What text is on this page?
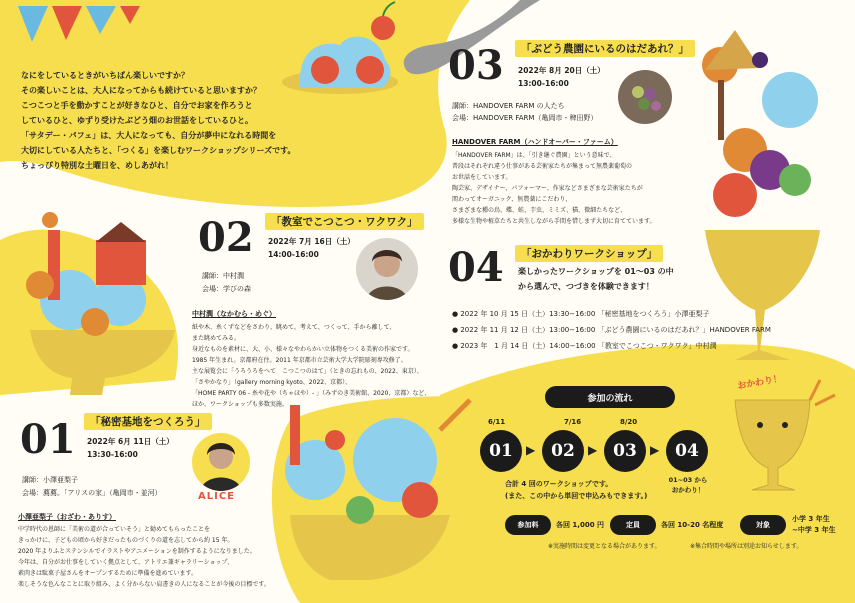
なにをしているときがいちばん楽しいですか？
その楽しいことは、大人になってからも続けていると思いますか？
こつこつと手を動かすことが好きなひと、自分でお家を作ろうと
しているひと、ゆずり受けたぶどう畑のお世話をしているひと。
「サタデー・パフェ」は、大人になっても、自分が夢中になれる時間を
大切にしている人たちと、「つくる」を楽しむワークショップシリーズです。
ちょっぴり特別な土曜日を、めしあがれ！
03	「ぶどう農園にいるのはだあれ？」
2022年 8月 20日（土）
13:00-16:00
講師：HANDOVER FARM の人たち
会場：HANDOVER FARM（亀岡市・稗田野）
HANDOVER FARM（ハンドオーバー・ファーム）
「HANDOVER FARM」は、「引き継ぐ農園」という意味で、
普段はそれぞれ違う仕事がある芸術家たちが集まって無農薬葡萄の
お世話をしています。
陶芸家、デザイナー、パフォーマー、作家などさまざまな芸術家たちが
関わってオーガニック、無農薬にこだわり、
さまざまな種の鳥、蝶、蛙、芋虫、ミミズ、猫、微細たちなど、
多様な生物や植草たちと共生しながら手間を惜しまず大切に育てています。
02	「教室でこつこつ・ワクワク」
2022年 7月 16日（土）
14:00-16:00
講師：中村潤
会場：学びの森
中村潤（なかむら・めぐ）
紙や木、糸くずなどをさわり、眺めて、考えて、つくって、手から離して、
また眺めてみる。
身近なものを素材に、大、小、様々なやわらかい立体物をつくる美術の作家です。
1985 年生まれ。京都府在住。2011 年京都市立芸術大学大学院彫刻専攻修了。
主な展覧会に「うろうろをへて　こつこつのはて」（ときの忘れもの、2022、東京）、
「さやかなり」（gallery morning kyoto、2022、京都）、
「HOME PARTY 06 - 糸や花や（ちゃほや）- 」（みずのき美術館、2020、京都）など、
ほか、ワークショップも多数実施。
04	「おかわりワークショップ」
楽しかったワークショップを 01～03 の中
から選んで、つづきを体験できます！
● 2022 年 10 月 15 日（土）13:30−16:00 「秘密基地をつくろう」小澤亜梨子
● 2022 年 11 月 12 日（土）13:00−16:00 「ぶどう農園にいるのはだあれ？」HANDOVER FARM
● 2023 年　1 月 14 日（土）14:00−16:00 「教室でこつこつ・ワクワク」中村潤
01	「秘密基地をつくろう」
2022年 6月 11日（土）
13:30-16:00
ALICE
講師：小澤亜梨子
会場：薦薦。「アリスの家」（亀岡市・並河）
小澤亜梨子（おざわ・ありす）
中学時代の恩師に「美術の道が合っていそう」と勧めてもらったことを
きっかけに、子どもの頃から好きだったものづくりの道を志してから約 15 年。
2020 年よりふとステンシルでイラストやアニメーションを制作するようになりました。
今年は、自分がお仕事をしていく拠点として、アトリエ兼ギャラリーショップ、
素肉きは駄菓子屋さんをオープンするために準備を進めています。
楽しそうな色んなことに取り組み、よく分からない肩書きの人になることが今後の目標です。
参加の流れ
6/11	7/16	8/20
01	▶ 02	▶ 03	▶ 04
01~03 から
おかわり！
合計 4 回のワークショップです。
(また、この中から単回で申込みもできます。)
参加料	各回 1,000 円	定員	各回 10-20 名程度	対象
小学 3 年生
~中学 3 年生
※実施時間は変更となる場合があります。	※集合時間や場所は別途お知らせします。
おかわり！
